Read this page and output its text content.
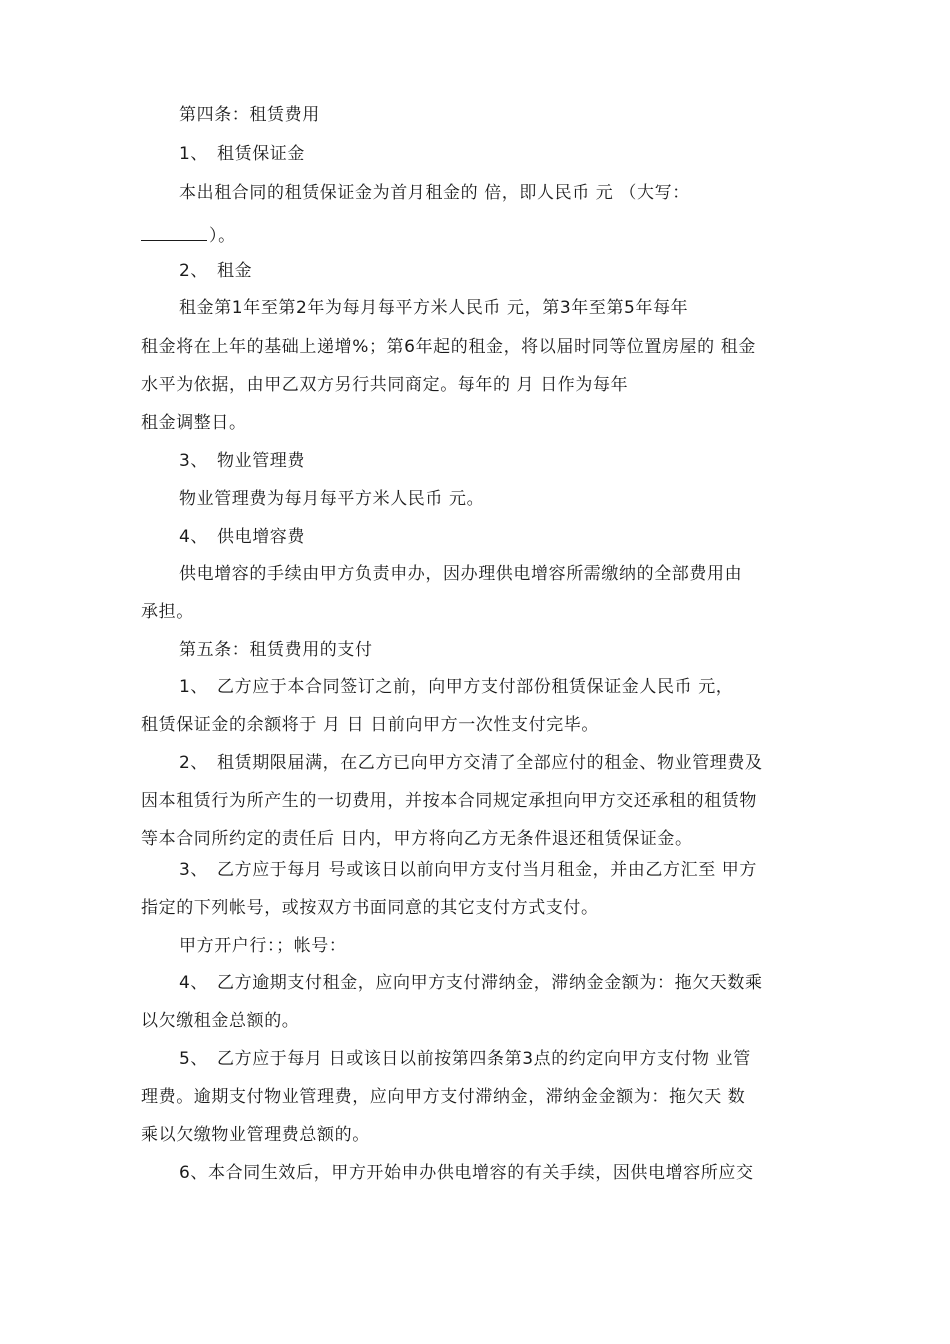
第四条：租赁费用
1、 租赁保证金
本出租合同的租赁保证金为首月租金的 倍，即人民币 元 （大写：
）。
2、 租金
租金第1年至第2年为每月每平方米人民币 元，第3年至第5年每年
租金将在上年的基础上递增%；第6年起的租金，将以届时同等位置房屋的 租金
水平为依据，由甲乙双方另行共同商定。每年的 月 日作为每年
租金调整日。
3、 物业管理费
物业管理费为每月每平方米人民币 元。
4、 供电增容费
供电增容的手续由甲方负责申办，因办理供电增容所需缴纳的全部费用由
承担。
第五条：租赁费用的支付
1、 乙方应于本合同签订之前，向甲方支付部份租赁保证金人民币 元，
租赁保证金的余额将于 月 日 日前向甲方一次性支付完毕。
2、 租赁期限届满，在乙方已向甲方交清了全部应付的租金、物业管理费及
因本租赁行为所产生的一切费用，并按本合同规定承担向甲方交还承租的租赁物
等本合同所约定的责任后 日内，甲方将向乙方无条件退还租赁保证金。
3、 乙方应于每月 号或该日以前向甲方支付当月租金，并由乙方汇至 甲方
指定的下列帐号，或按双方书面同意的其它支付方式支付。
甲方开户行：；帐号：
4、 乙方逾期支付租金，应向甲方支付滞纳金，滞纳金金额为：拖欠天数乘
以欠缴租金总额的。
5、 乙方应于每月 日或该日以前按第四条第3点的约定向甲方支付物 业管
理费。逾期支付物业管理费，应向甲方支付滞纳金，滞纳金金额为：拖欠天 数
乘以欠缴物业管理费总额的。
6、本合同生效后，甲方开始申办供电增容的有关手续，因供电增容所应交
